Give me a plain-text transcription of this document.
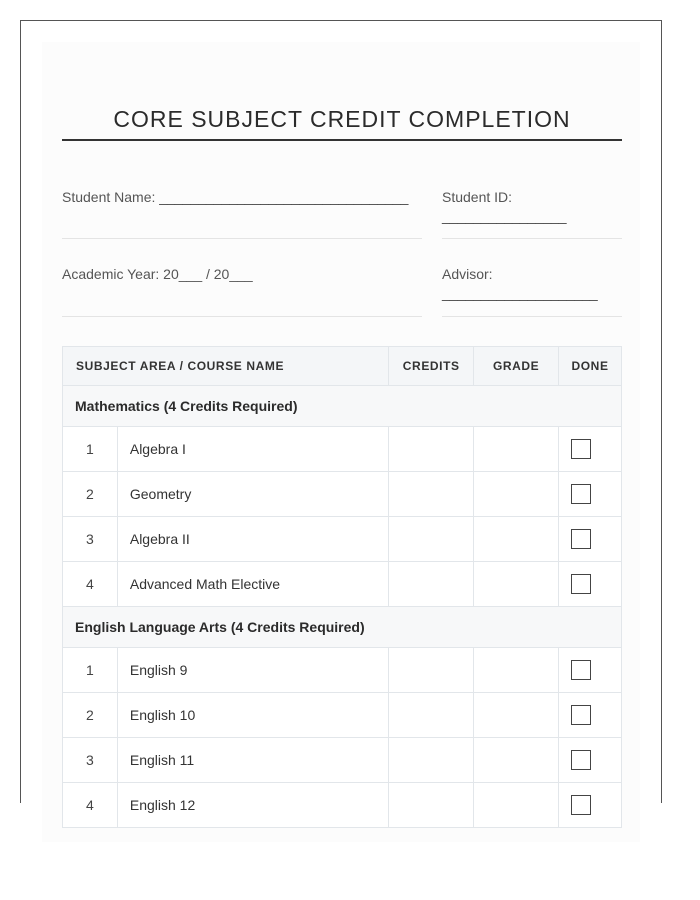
CORE SUBJECT CREDIT COMPLETION
Student Name: ________________________________	Student ID:
________________
Academic Year: 20___ / 20___	Advisor:
____________________
SUBJECT AREA / COURSE NAME		CREDITS	GRADE	DONE
Mathematics (4 Credits Required)				
1	Algebra I			

2	Geometry			

3	Algebra II			

4	Advanced Math Elective			

English Language Arts (4 Credits Required)				
1	English 9			

2	English 10			

3	English 11			

4	English 12			
